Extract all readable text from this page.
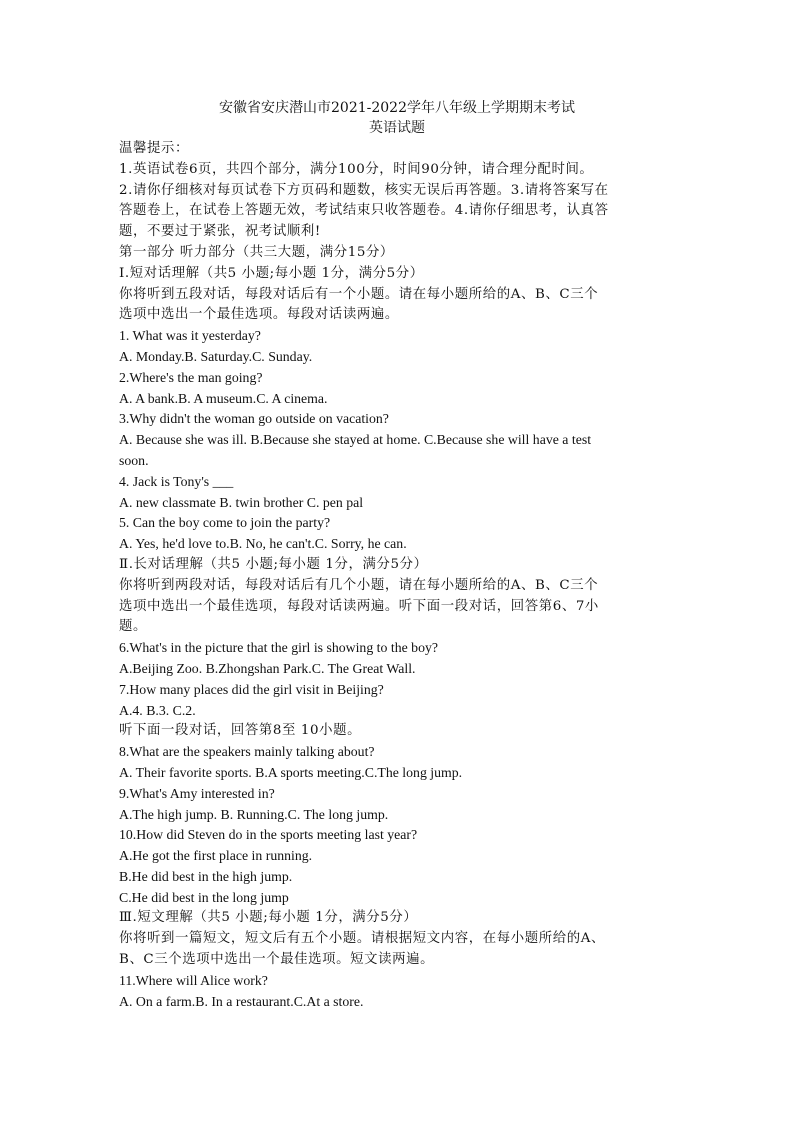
安徽省安庆潜山市2021-2022学年八年级上学期期末考试
英语试题
温馨提示：
1.英语试卷6页，共四个部分，满分100分，时间90分钟，请合理分配时间。
2.请你仔细核对每页试卷下方页码和题数，核实无误后再答题。3.请将答案写在
答题卷上，在试卷上答题无效，考试结束只收答题卷。4.请你仔细思考，认真答
题，不要过于紧张，祝考试顺利!
第一部分 听力部分（共三大题，满分15分）
Ⅰ.短对话理解（共5 小题;每小题 1分，满分5分）
你将听到五段对话，每段对话后有一个小题。请在每小题所给的A、B、C三个
选项中选出一个最佳选项。每段对话读两遍。
1. What was it yesterday?
A. Monday.B. Saturday.C. Sunday.
2.Where's the man going?
A. A bank.B. A museum.C. A cinema.
3.Why didn't the woman go outside on vacation?
A. Because she was ill. B.Because she stayed at home. C.Because she will have a test
soon.
4. Jack is Tony's ___
A. new classmate B. twin brother C. pen pal
5. Can the boy come to join the party?
A. Yes, he'd love to.B. No, he can't.C. Sorry, he can.
Ⅱ.长对话理解（共5 小题;每小题 1分，满分5分）
你将听到两段对话，每段对话后有几个小题，请在每小题所给的A、B、C三个
选项中选出一个最佳选项，每段对话读两遍。听下面一段对话，回答第6、7小
题。
6.What's in the picture that the girl is showing to the boy?
A.Beijing Zoo. B.Zhongshan Park.C. The Great Wall.
7.How many places did the girl visit in Beijing?
A.4. B.3. C.2.
听下面一段对话，回答第8至 10小题。
8.What are the speakers mainly talking about?
A. Their favorite sports. B.A sports meeting.C.The long jump.
9.What's Amy interested in?
A.The high jump. B. Running.C. The long jump.
10.How did Steven do in the sports meeting last year?
A.He got the first place in running.
B.He did best in the high jump.
C.He did best in the long jump
Ⅲ.短文理解（共5 小题;每小题 1分，满分5分）
你将听到一篇短文，短文后有五个小题。请根据短文内容，在每小题所给的A、
B、C三个选项中选出一个最佳选项。短文读两遍。
11.Where will Alice work?
A. On a farm.B. In a restaurant.C.At a store.
